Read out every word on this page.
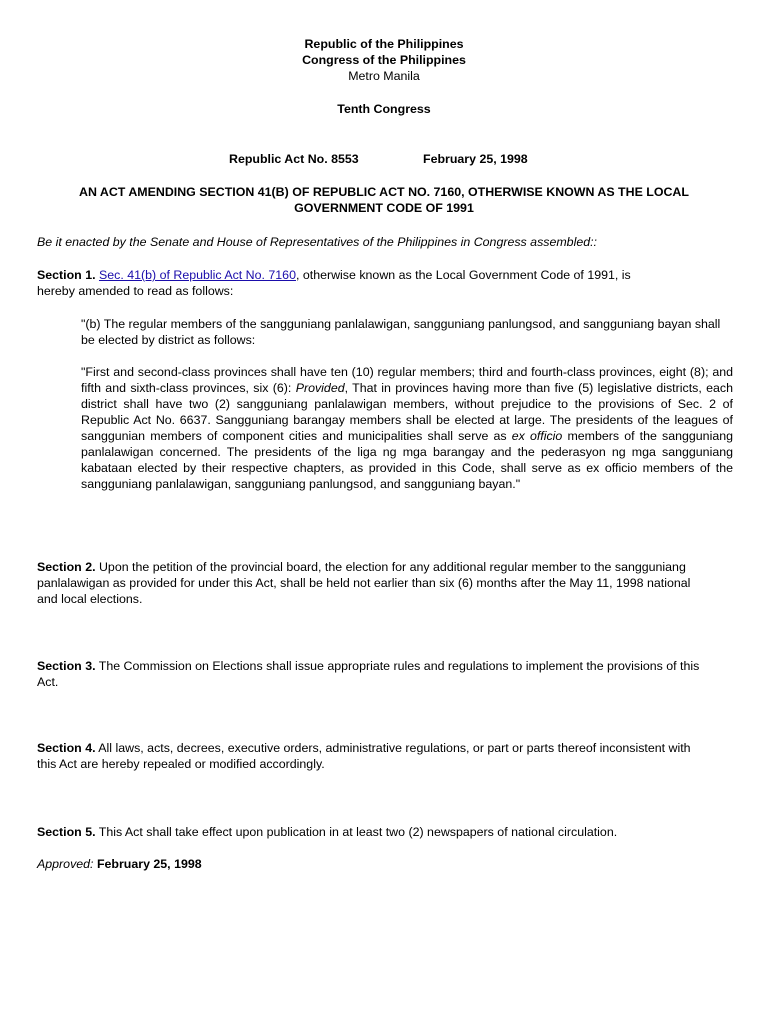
Republic of the Philippines

Congress of the Philippines

Metro Manila

Tenth Congress

Republic Act No. 8553	February 25, 1998

AN ACT AMENDING SECTION 41(B) OF REPUBLIC ACT NO. 7160, OTHERWISE KNOWN AS THE LOCAL
GOVERNMENT CODE OF 1991

Be it enacted by the Senate and House of Representatives of the Philippines in Congress assembled::

Section 1. Sec. 41(b) of Republic Act No. 7160, otherwise known as the Local Government Code of 1991, is
hereby amended to read as follows:

"(b) The regular members of the sangguniang panlalawigan, sangguniang panlungsod, and sangguniang bayan shall be elected by district as follows:

"First and second-class provinces shall have ten (10) regular members; third and fourth-class provinces, eight (8); and fifth and sixth-class provinces, six (6): Provided, That in provinces having more than five (5) legislative districts, each district shall have two (2) sangguniang panlalawigan members, without prejudice to the provisions of Sec. 2 of Republic Act No. 6637. Sangguniang barangay members shall be elected at large. The presidents of the leagues of sanggunian members of component cities and municipalities shall serve as ex officio members of the sangguniang panlalawigan concerned. The presidents of the liga ng mga barangay and the pederasyon ng mga sangguniang kabataan elected by their respective chapters, as provided in this Code, shall serve as ex officio members of the sangguniang panlalawigan, sangguniang panlungsod, and sangguniang bayan."

Section 2. Upon the petition of the provincial board, the election for any additional regular member to the sangguniang panlalawigan as provided for under this Act, shall be held not earlier than six (6) months after the May 11, 1998 national and local elections.

Section 3. The Commission on Elections shall issue appropriate rules and regulations to implement the provisions of this Act.

Section 4. All laws, acts, decrees, executive orders, administrative regulations, or part or parts thereof inconsistent with this Act are hereby repealed or modified accordingly.

Section 5. This Act shall take effect upon publication in at least two (2) newspapers of national circulation.

Approved: February 25, 1998
